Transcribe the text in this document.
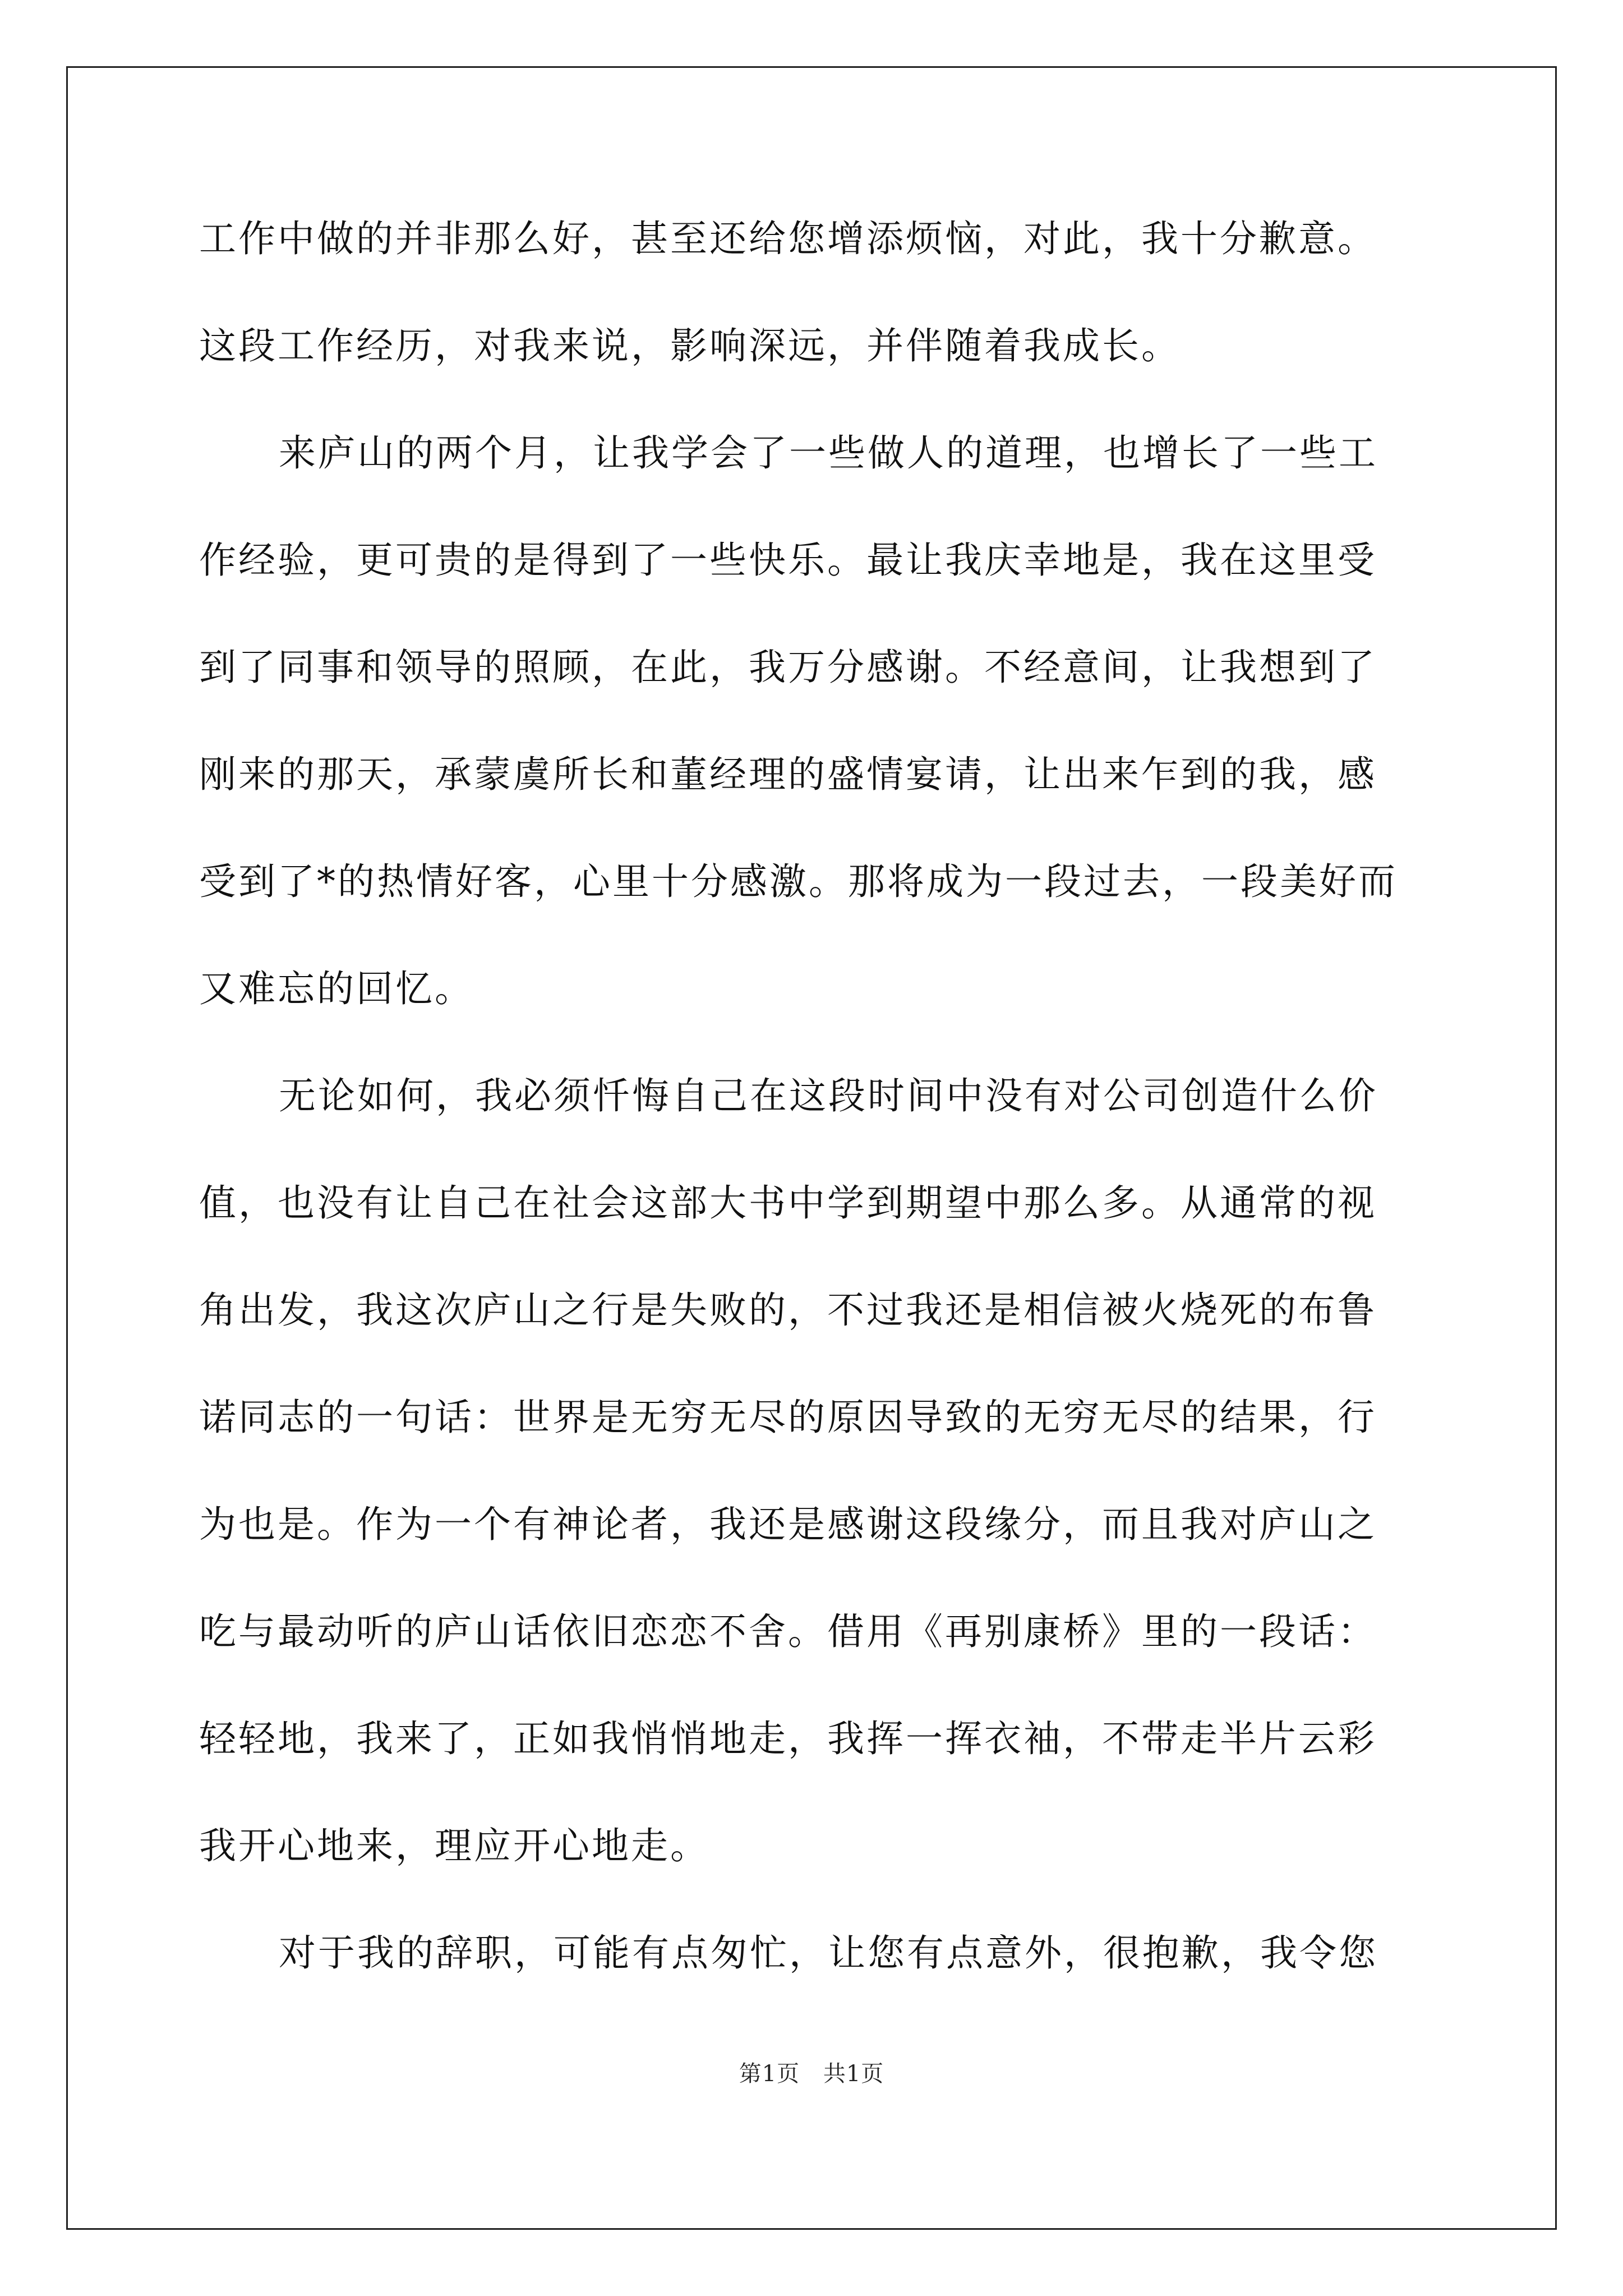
工作中做的并非那么好，甚至还给您增添烦恼，对此，我十分歉意。
这段工作经历，对我来说，影响深远，并伴随着我成长。
来庐山的两个月，让我学会了一些做人的道理，也增长了一些工
作经验，更可贵的是得到了一些快乐。最让我庆幸地是，我在这里受
到了同事和领导的照顾，在此，我万分感谢。不经意间，让我想到了
刚来的那天，承蒙虞所长和董经理的盛情宴请，让出来乍到的我，感
受到了*的热情好客，心里十分感激。那将成为一段过去，一段美好而
又难忘的回忆。
无论如何，我必须忏悔自己在这段时间中没有对公司创造什么价
值，也没有让自己在社会这部大书中学到期望中那么多。从通常的视
角出发，我这次庐山之行是失败的，不过我还是相信被火烧死的布鲁
诺同志的一句话：世界是无穷无尽的原因导致的无穷无尽的结果，行
为也是。作为一个有神论者，我还是感谢这段缘分，而且我对庐山之
吃与最动听的庐山话依旧恋恋不舍。借用《再别康桥》里的一段话：
轻轻地，我来了，正如我悄悄地走，我挥一挥衣袖，不带走半片云彩
我开心地来，理应开心地走。
对于我的辞职，可能有点匆忙，让您有点意外，很抱歉，我令您
第1页 共1页
